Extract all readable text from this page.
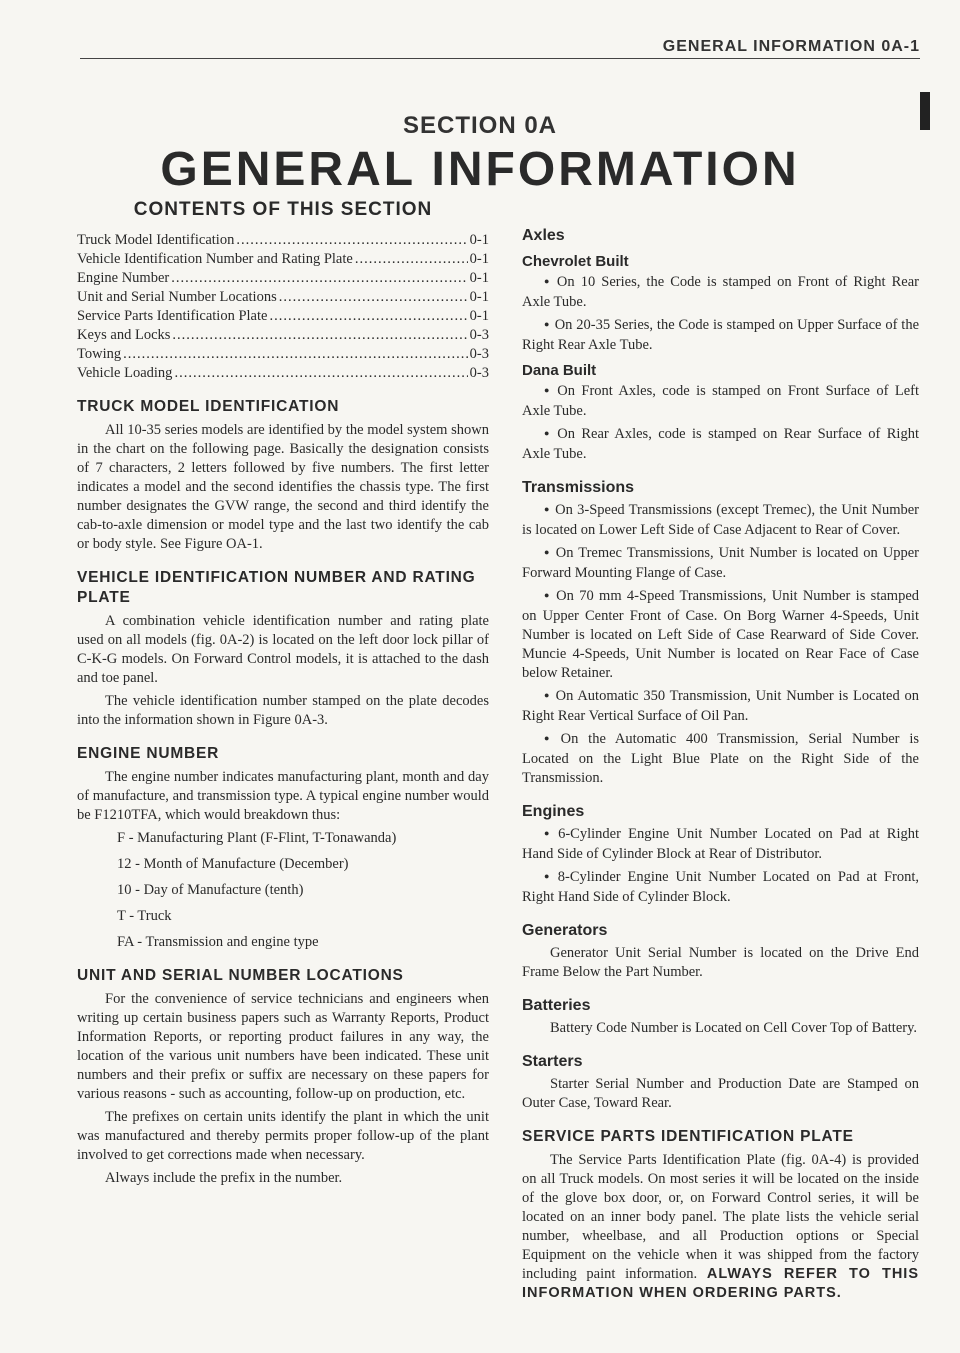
GENERAL INFORMATION 0A-1
SECTION 0A
GENERAL INFORMATION
CONTENTS OF THIS SECTION
Truck Model Identification .....	0-1
Vehicle Identification Number and Rating Plate .....	0-1
Engine Number .....	0-1
Unit and Serial Number Locations .....	0-1
Service Parts Identification Plate .....	0-1
Keys and Locks .....	0-3
Towing .....	0-3
Vehicle Loading .....	0-3
TRUCK MODEL IDENTIFICATION

All 10-35 series models are identified by the model system shown in the chart on the following page. Basically the designation consists of 7 characters, 2 letters followed by five numbers. The first letter indicates a model and the second identifies the chassis type. The first number designates the GVW range, the second and third identify the cab-to-axle dimension or model type and the last two identify the cab or body style. See Figure OA-1.

VEHICLE IDENTIFICATION NUMBER AND RATING PLATE

A combination vehicle identification number and rating plate used on all models (fig. 0A-2) is located on the left door lock pillar of C-K-G models. On Forward Control models, it is attached to the dash and toe panel.

The vehicle identification number stamped on the plate decodes into the information shown in Figure 0A-3.

ENGINE NUMBER

The engine number indicates manufacturing plant, month and day of manufacture, and transmission type. A typical engine number would be F1210TFA, which would breakdown thus:

F - Manufacturing Plant (F-Flint, T-Tonawanda)
12 - Month of Manufacture (December)
10 - Day of Manufacture (tenth)
T - Truck
FA - Transmission and engine type
UNIT AND SERIAL NUMBER LOCATIONS

For the convenience of service technicians and engineers when writing up certain business papers such as Warranty Reports, Product Information Reports, or reporting product failures in any way, the location of the various unit numbers have been indicated. These unit numbers and their prefix or suffix are necessary on these papers for various reasons - such as accounting, follow-up on production, etc.

The prefixes on certain units identify the plant in which the unit was manufactured and thereby permits proper follow-up of the plant involved to get corrections made when necessary.

Always include the prefix in the number.

Axles
Chevrolet Built

● On 10 Series, the Code is stamped on Front of Right Rear Axle Tube.

● On 20-35 Series, the Code is stamped on Upper Surface of the Right Rear Axle Tube.

Dana Built

● On Front Axles, code is stamped on Front Surface of Left Axle Tube.

● On Rear Axles, code is stamped on Rear Surface of Right Axle Tube.

Transmissions

● On 3-Speed Transmissions (except Tremec), the Unit Number is located on Lower Left Side of Case Adjacent to Rear of Cover.

● On Tremec Transmissions, Unit Number is located on Upper Forward Mounting Flange of Case.

● On 70 mm 4-Speed Transmissions, Unit Number is stamped on Upper Center Front of Case. On Borg Warner 4-Speeds, Unit Number is located on Left Side of Case Rearward of Side Cover. Muncie 4-Speeds, Unit Number is located on Rear Face of Case below Retainer.

● On Automatic 350 Transmission, Unit Number is Located on Right Rear Vertical Surface of Oil Pan.

● On the Automatic 400 Transmission, Serial Number is Located on the Light Blue Plate on the Right Side of the Transmission.

Engines

● 6-Cylinder Engine Unit Number Located on Pad at Right Hand Side of Cylinder Block at Rear of Distributor.

● 8-Cylinder Engine Unit Number Located on Pad at Front, Right Hand Side of Cylinder Block.

Generators

Generator Unit Serial Number is located on the Drive End Frame Below the Part Number.

Batteries

Battery Code Number is Located on Cell Cover Top of Battery.

Starters

Starter Serial Number and Production Date are Stamped on Outer Case, Toward Rear.

SERVICE PARTS IDENTIFICATION PLATE

The Service Parts Identification Plate (fig. 0A-4) is provided on all Truck models. On most series it will be located on the inside of the glove box door, or, on Forward Control series, it will be located on an inner body panel. The plate lists the vehicle serial number, wheelbase, and all Production options or Special Equipment on the vehicle when it was shipped from the factory including paint information. ALWAYS REFER TO THIS INFORMATION WHEN ORDERING PARTS.
